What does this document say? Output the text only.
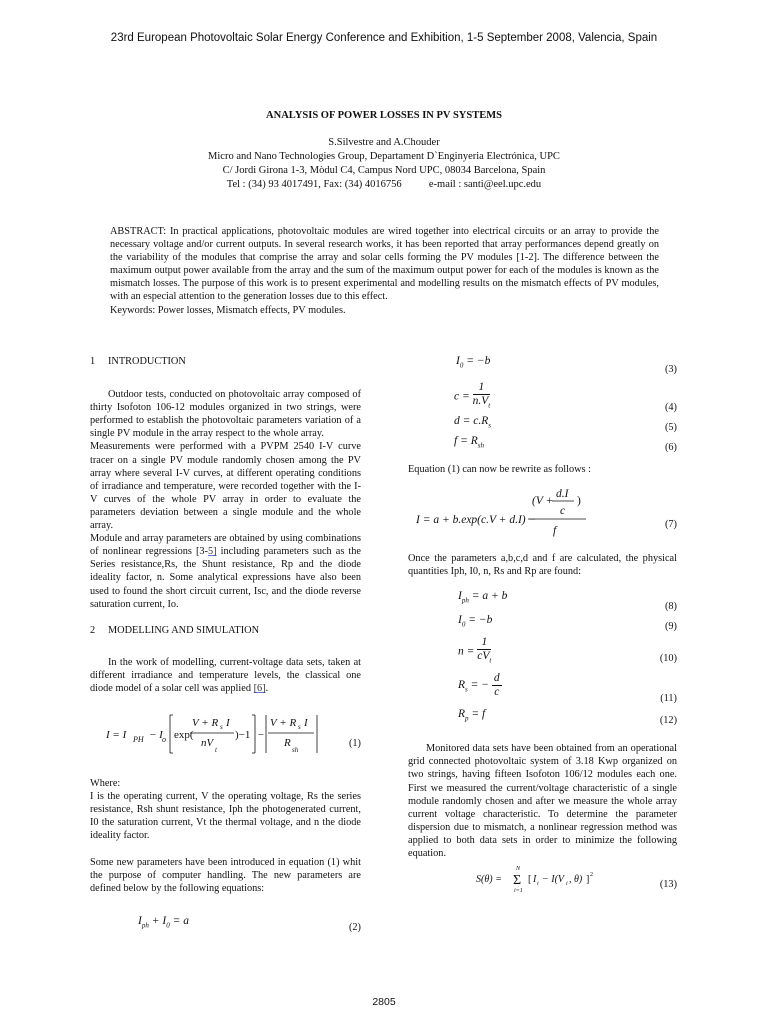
23rd European Photovoltaic Solar Energy Conference and Exhibition, 1-5 September 2008, Valencia, Spain
ANALYSIS OF POWER LOSSES IN PV SYSTEMS
S.Silvestre and A.Chouder
Micro and Nano Technologies Group, Departament D`Enginyeria Electrónica, UPC
C/ Jordi Girona 1-3, Mòdul C4, Campus Nord UPC, 08034 Barcelona, Spain
Tel : (34) 93 4017491, Fax: (34) 4016756	e-mail : santi@eel.upc.edu

ABSTRACT: In practical applications, photovoltaic modules are wired together into electrical circuits or an array to provide the necessary voltage and/or current outputs. In several research works, it has been reported that array performances depend greatly on the variability of the modules that comprise the array and solar cells forming the PV modules [1-2]. The difference between the maximum output power available from the array and the sum of the maximum output power for each of the modules is known as the mismatch losses. The purpose of this work is to present experimental and modelling results on the mismatch effects of PV modules, with an especial attention to the generation losses due to this effect.

Keywords: Power losses, Mismatch effects, PV modules.

1 INTRODUCTION

Outdoor tests, conducted on photovoltaic array composed of thirty Isofoton 106-12 modules organized in two strings, were performed to establish the photovoltaic parameters variation of a single PV module in the array respect to the whole array.

Measurements were performed with a PVPM 2540 I-V curve tracer on a single PV module randomly chosen among the PV array where several I-V curves, at different operating conditions of irradiance and temperature, were recorded together with the I-V curves of the whole PV array in order to evaluate the parameters deviation between a single module and the whole array.

Module and array parameters are obtained by using combinations of nonlinear regressions [3-5] including parameters such as the Series resistance,Rs, the Shunt resistance, Rp and the diode ideality factor, n. Some analytical expressions have also been used to found the short circuit current, Isc, and the diode reverse saturation current, Io.

2 MODELLING AND SIMULATION

In the work of modelling, current-voltage data sets, taken at different irradiance and temperature levels, the classical one diode model of a solar cell was applied [6].

I = I PH − I o exp(
V + R s I
nV
t
)−1 −
V + R s I
R
sh
(1)

Where:

I is the operating current, V the operating voltage, Rs the series resistance, Rsh shunt resistance, Iph the photogenerated current, I0 the saturation current, Vt the thermal voltage, and n the diode ideality factor.

Some new parameters have been introduced in equation (1) whit the purpose of computer handling. The new parameters are defined below by the following equations:

$I_{ph} + I_0 = a$
(2)
$I_0 = -b$
(3)
$c = \frac{1}{n.V_t}$	(4)
$d = c.R_s$	(5)
$f = R_{sh}$	(6)

Equation (1) can now be rewrite as follows :

d.I
(V + )
c
f
I = a + b.exp(c.V + d.I) −	(7)

Once the parameters a,b,c,d and f are calculated, the physical quantities Iph, I0, n, Rs and Rp are found:

$I_{ph} = a + b$
(8)
$I_0 = -b$
(9)
$n = \frac{1}{cV_t}$	(10)
$R_s$ = − $\frac{d}{c}$	(11)
$R_p = f$
(12)

Monitored data sets have been obtained from an operational grid connected photovoltaic system of 3.18 Kwp organized on two strings, having fifteen Isofoton 106/12 modules each one. First we measured the current/voltage characteristic of a single module randomly chosen and after we measure the whole array current voltage characteristic. To determine the parameter dispersion due to mismatch, a nonlinear regression method was applied to both data sets in order to minimize the following equation.

S(θ) = Σ
N
i=1
[ I i − I(V i , θ) ] 2
(13)
2805
